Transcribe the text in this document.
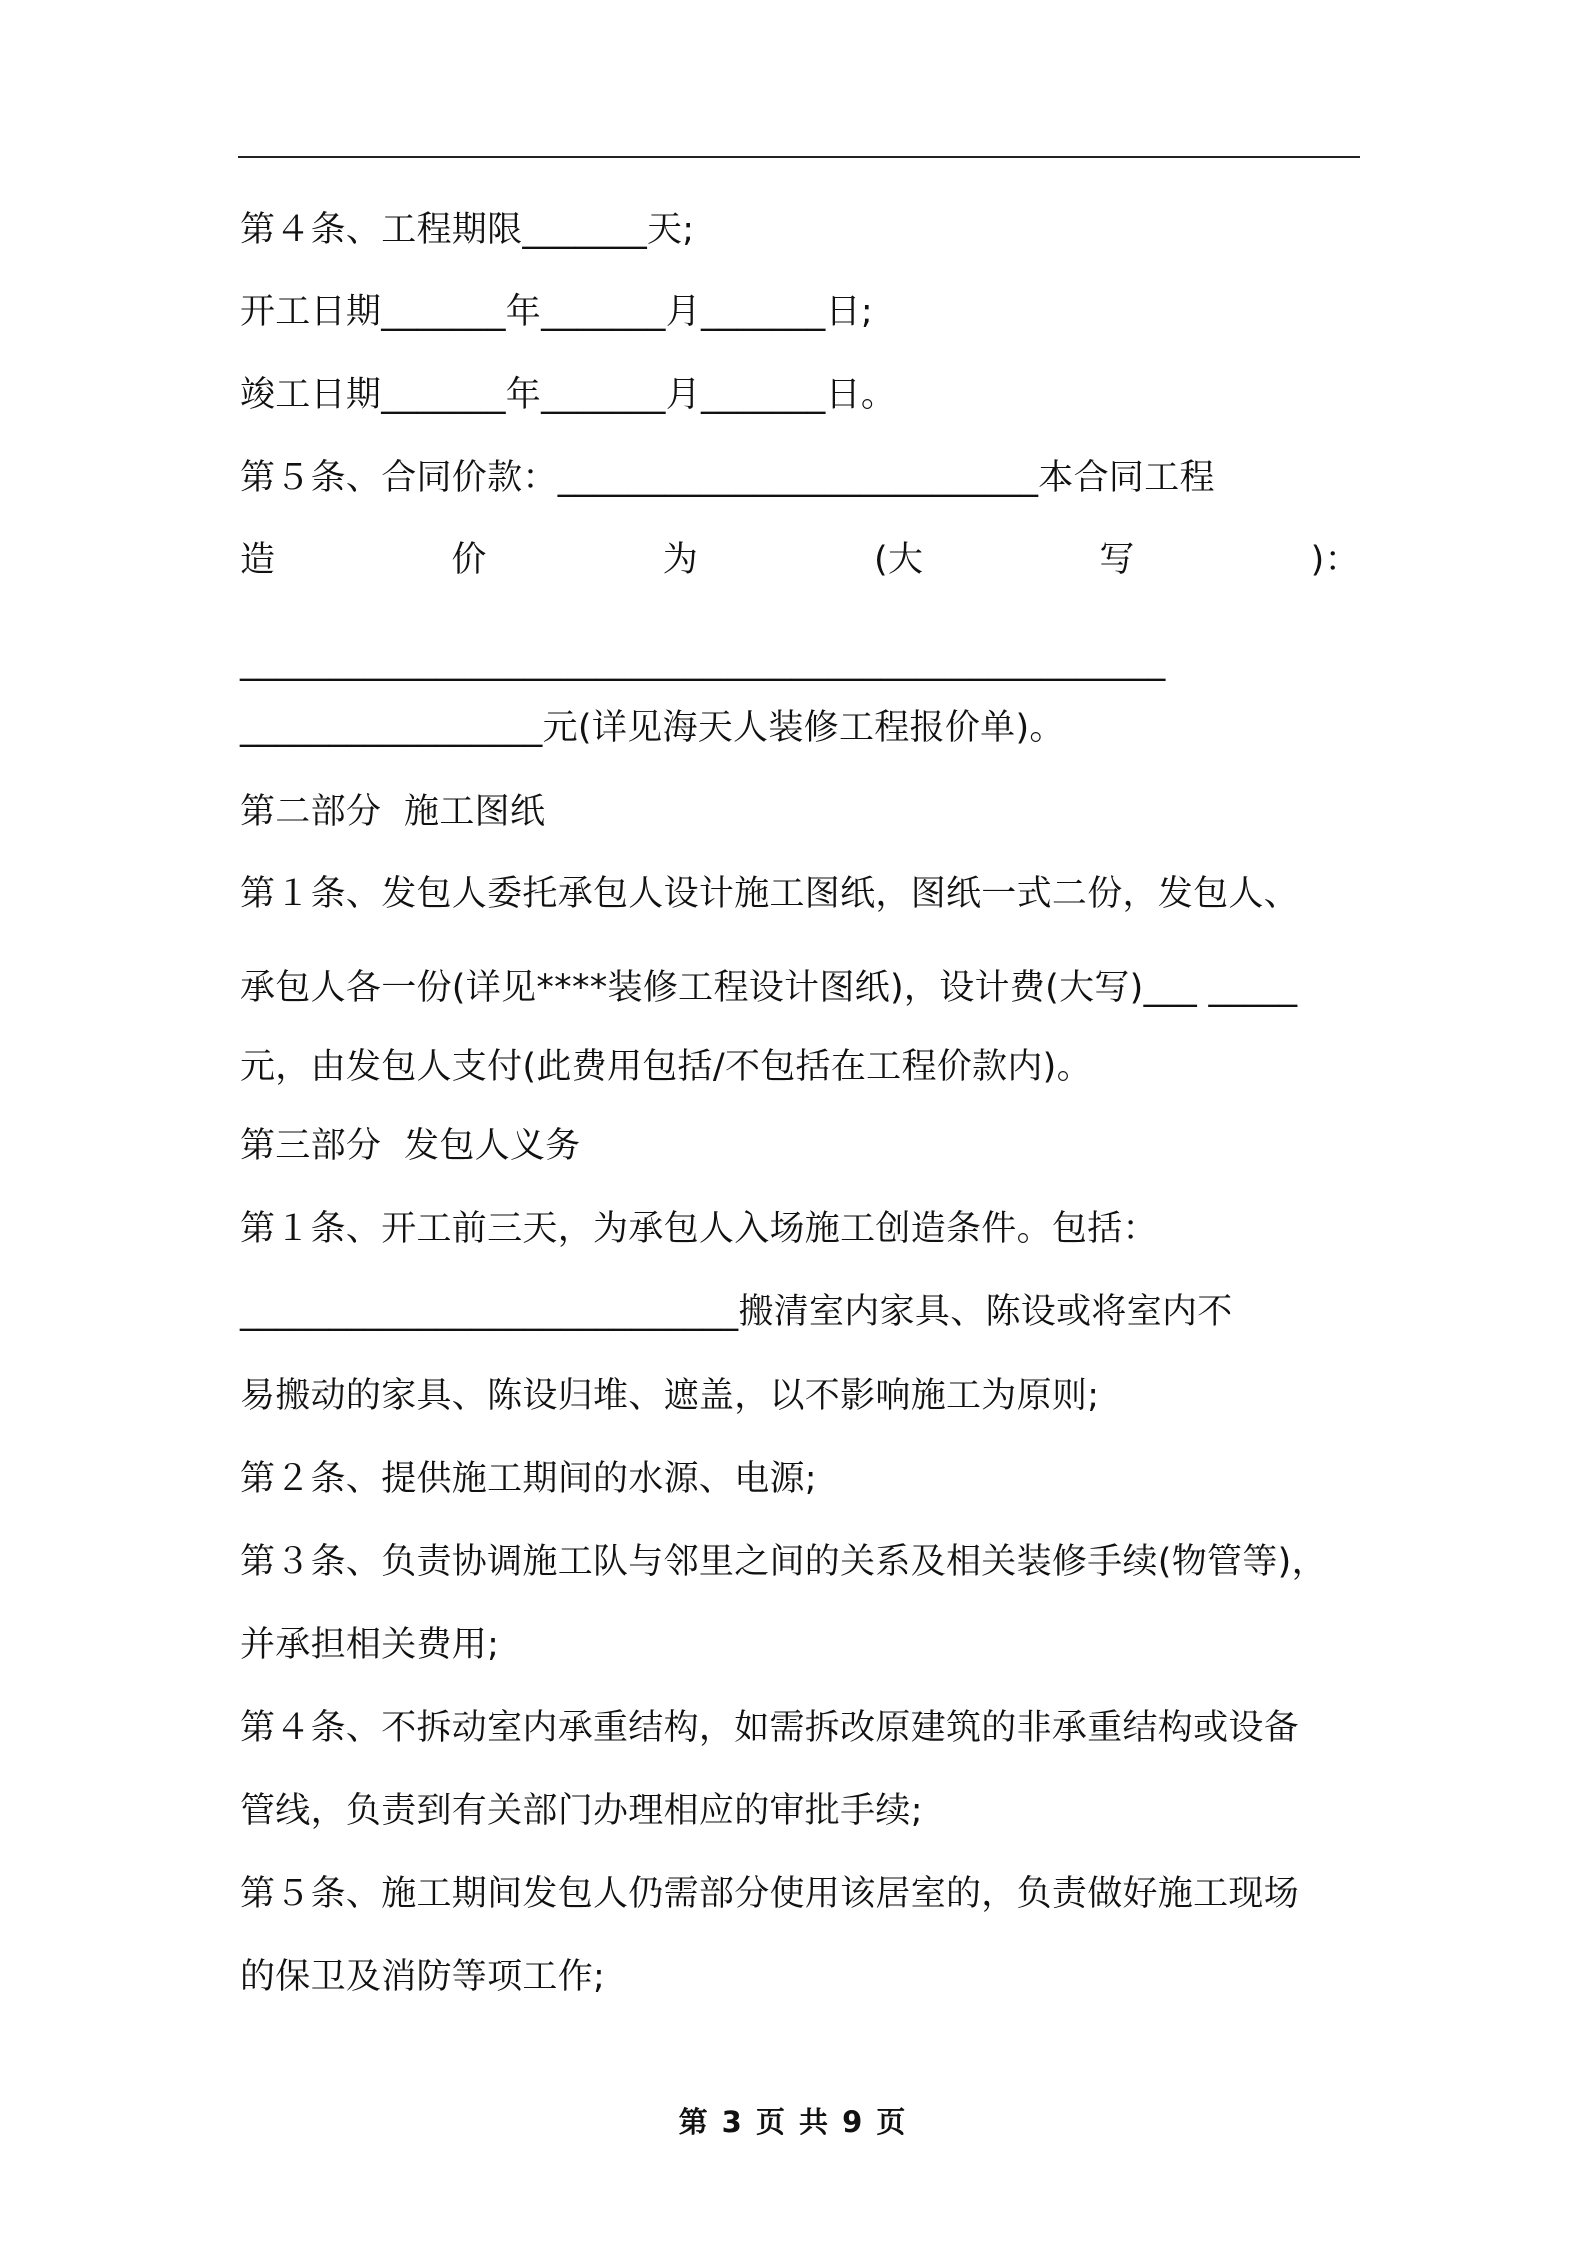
第４条、工程期限_______天;
开工日期_______年_______月_______日;
竣工日期_______年_______月_______日。
第５条、合同价款：___________________________本合同工程
造	价	为	(大	写	)：
____________________________________________________
_________________元(详见海天人装修工程报价单)。
第二部分  施工图纸
第１条、发包人委托承包人设计施工图纸，图纸一式二份，发包人、
承包人各一份(详见****装修工程设计图纸)，设计费(大写)___ _____
元，由发包人支付(此费用包括/不包括在工程价款内)。
第三部分  发包人义务
第１条、开工前三天，为承包人入场施工创造条件。包括：
____________________________搬清室内家具、陈设或将室内不
易搬动的家具、陈设归堆、遮盖，以不影响施工为原则;
第２条、提供施工期间的水源、电源;
第３条、负责协调施工队与邻里之间的关系及相关装修手续(物管等)，
并承担相关费用;
第４条、不拆动室内承重结构，如需拆改原建筑的非承重结构或设备
管线，负责到有关部门办理相应的审批手续;
第５条、施工期间发包人仍需部分使用该居室的，负责做好施工现场
的保卫及消防等项工作;
第 3 页 共 9 页
